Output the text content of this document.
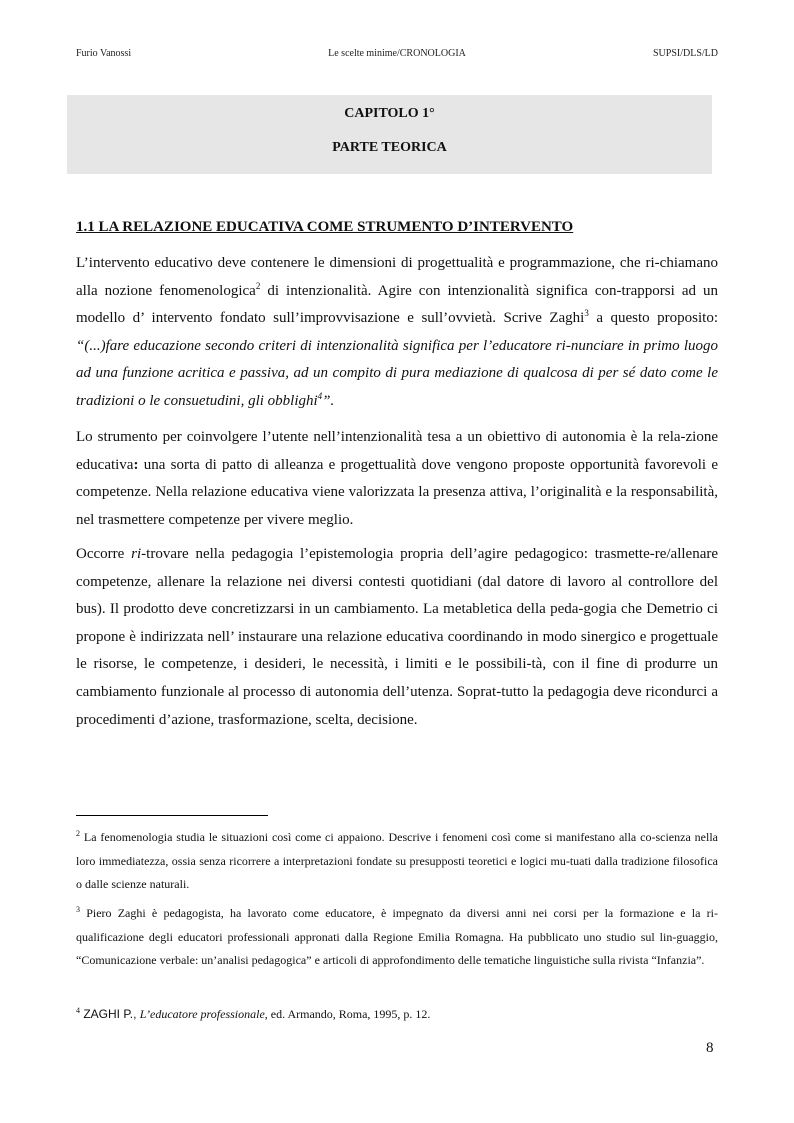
Furio Vanossi	Le scelte minime/CRONOLOGIA	SUPSI/DLS/LD
CAPITOLO 1°
PARTE TEORICA
1.1 LA RELAZIONE EDUCATIVA COME STRUMENTO D’INTERVENTO
L’intervento educativo deve contenere le dimensioni di progettualità e programmazione, che ri-chiamano alla nozione fenomenologica$^2$ di intenzionalità. Agire con intenzionalità significa con-trapporsi ad un modello d’ intervento fondato sull’improvvisazione e sull’ovvietà. Scrive Zaghi$^3$ a questo proposito: “(...)fare educazione secondo criteri di intenzionalità significa per l’educatore ri-nunciare in primo luogo ad una funzione acritica e passiva, ad un compito di pura mediazione di qualcosa di per sé dato come le tradizioni o le consuetudini, gli obblighi$^4$”.
Lo strumento per coinvolgere l’utente nell’intenzionalità tesa a un obiettivo di autonomia è la rela-zione educativa: una sorta di patto di alleanza e progettualità dove vengono proposte opportunità favorevoli e competenze. Nella relazione educativa viene valorizzata la presenza attiva, l’originalità e la responsabilità, nel trasmettere competenze per vivere meglio.
Occorre ri-trovare nella pedagogia l’epistemologia propria dell’agire pedagogico: trasmette-re/allenare competenze, allenare la relazione nei diversi contesti quotidiani (dal datore di lavoro al controllore del bus). Il prodotto deve concretizzarsi in un cambiamento. La metabletica della peda-gogia che Demetrio ci propone è indirizzata nell’ instaurare una relazione educativa coordinando in modo sinergico e progettuale le risorse, le competenze, i desideri, le necessità, i limiti e le possibili-tà, con il fine di produrre un cambiamento funzionale al processo di autonomia dell’utenza. Soprat-tutto la pedagogia deve ricondurci a procedimenti d’azione, trasformazione, scelta, decisione.
$^2$ La fenomenologia studia le situazioni così come ci appaiono. Descrive i fenomeni così come si manifestano alla co-scienza nella loro immediatezza, ossia senza ricorrere a interpretazioni fondate su presupposti teoretici e logici mu-tuati dalla tradizione filosofica o dalle scienze naturali.
$^3$ Piero Zaghi è pedagogista, ha lavorato come educatore, è impegnato da diversi anni nei corsi per la formazione e la ri-qualificazione degli educatori professionali appronati dalla Regione Emilia Romagna. Ha pubblicato uno studio sul lin-guaggio, “Comunicazione verbale: un’analisi pedagogica” e articoli di approfondimento delle tematiche linguistiche sulla rivista “Infanzia”.
$^4$ ZAGHI P., L’educatore professionale, ed. Armando, Roma, 1995, p. 12.
8
